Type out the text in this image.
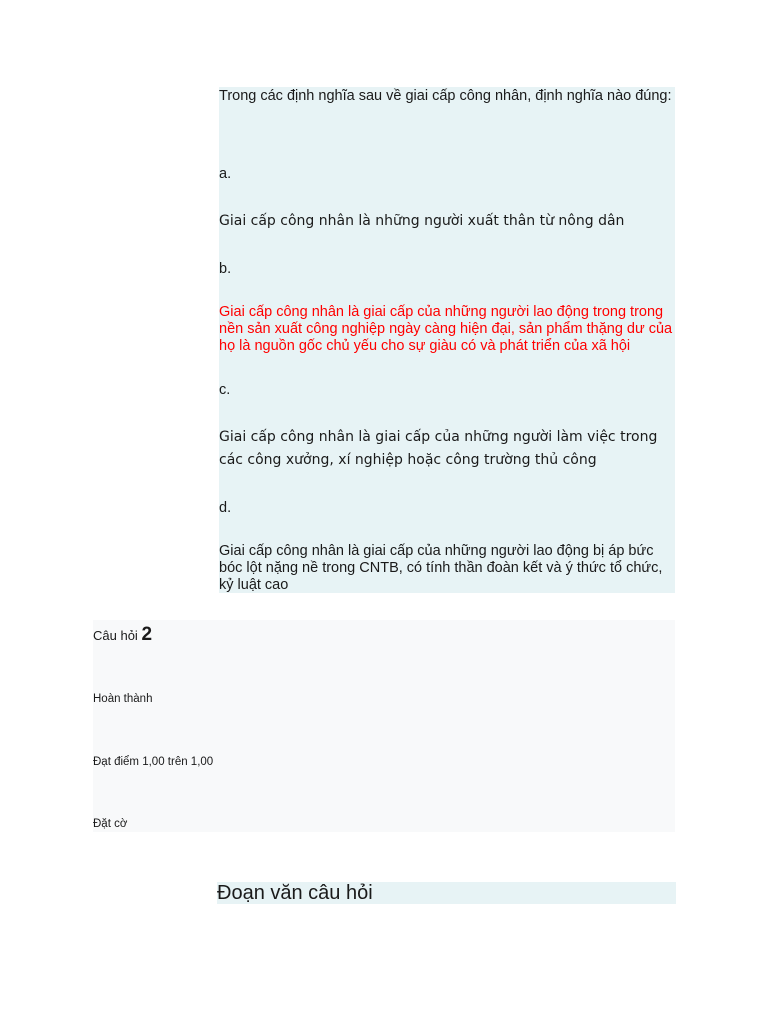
Trong các định nghĩa sau về giai cấp công nhân, định nghĩa nào đúng:
a.
Giai cấp công nhân là những người xuất thân từ nông dân
b.
Giai cấp công nhân là giai cấp của những người lao động trong trong nền sản xuất công nghiệp ngày càng hiện đại, sản phẩm thặng dư của họ là nguồn gốc chủ yếu cho sự giàu có và phát triển của xã hội
c.
Giai cấp công nhân là giai cấp của những người làm việc trong các công xưởng, xí nghiệp hoặc công trường thủ công
d.
Giai cấp công nhân là giai cấp của những người lao động bị áp bức bóc lột nặng nề trong CNTB, có tính thần đoàn kết và ý thức tổ chức, kỷ luật cao
Câu hỏi 2
Hoàn thành
Đạt điểm 1,00 trên 1,00
Đặt cờ
Đoạn văn câu hỏi
